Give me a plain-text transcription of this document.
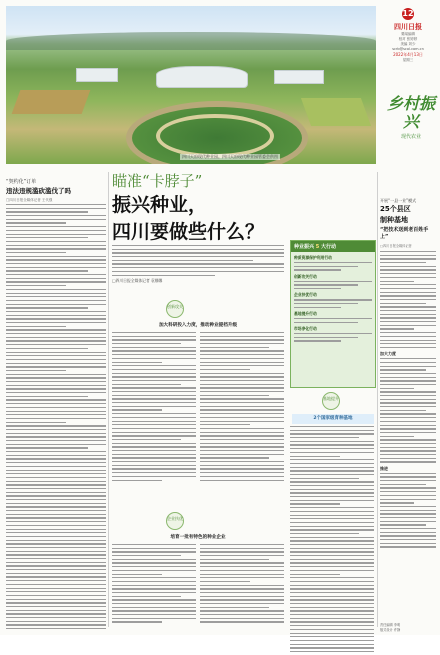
四川天府现代种业园。四川天府现代种业园管委会供图
12
四川日报
要闻编辑
校对 张婷婷
美编 刘少
scrb@scol.com.cn
2022年4月13日
星期三
乡村振兴
现代农业
“契约化”订单
违法违规滥砍滥伐了吗
□四川日报全媒体记者 王代强
瞄准“卡脖子”
振兴种业，
四川要做些什么？
□四川日报全媒体记者 袁娜娜
种业振兴 5 大行动
种质资源保护利用行动
创新攻关行动
企业扶优行动
基地提升行动
市场净化行动
创新攻关
加大科研投入力度，推动种业提档升级
企业扶优
培育一批有特色的种业企业
基地提升
2个国家级育种基地
开展“一县一业”模式
25个县区
制种基地
“把技术送到老百姓手上”
□四川日报全媒体记者
加大力度
推进
责任编辑 李明
版式设计 许静
